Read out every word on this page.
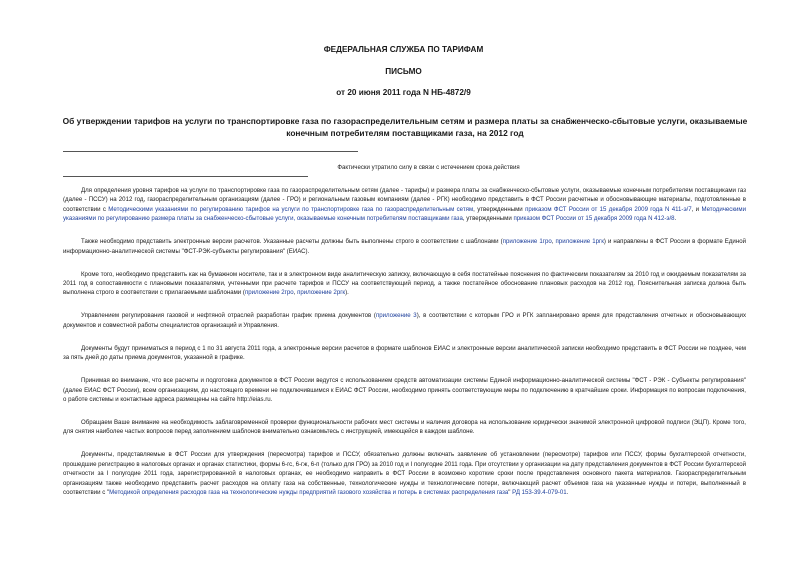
ФЕДЕРАЛЬНАЯ СЛУЖБА ПО ТАРИФАМ
ПИСЬМО
от 20 июня 2011 года N НБ-4872/9
Об утверждении тарифов на услуги по транспортировке газа по газораспределительным сетям и размера платы за снабженческо-сбытовые услуги, оказываемые конечным потребителям поставщиками газа, на 2012 год
Фактически утратило силу в связи с истечением срока действия

Для определения уровня тарифов на услуги по транспортировке газа по газораспределительным сетям (далее - тарифы) и размера платы за снабженческо-сбытовые услуги, оказываемые конечным потребителям поставщиками газ (далее - ПССУ) на 2012 год, газораспределительным организациям (далее - ГРО) и региональным газовым компаниям (далее - РГК) необходимо представить в ФСТ России расчетные и обосновывающие материалы, подготовленные в соответствии с Методическими указаниями по регулированию тарифов на услуги по транспортировке газа по газораспределительным сетям, утвержденными приказом ФСТ России от 15 декабря 2009 года N 411-э/7, и Методическими указаниями по регулированию размера платы за снабженческо-сбытовые услуги, оказываемые конечным потребителям поставщиками газа, утвержденными приказом ФСТ России от 15 декабря 2009 года N 412-э/8.

Также необходимо представить электронные версии расчетов. Указанные расчеты должны быть выполнены строго в соответствии с шаблонами (приложение 1гро, приложение 1ргк) и направлены в ФСТ России в формате Единой информационно-аналитической системы "ФСТ-РЭК-субъекты регулирования" (ЕИАС).

Кроме того, необходимо представить как на бумажном носителе, так и в электронном виде аналитическую записку, включающую в себя постатейные пояснения по фактическим показателям за 2010 год и ожидаемым показателям за 2011 год в сопоставимости с плановыми показателями, учтенными при расчете тарифов и ПССУ на соответствующий период, а также постатейное обоснование плановых расходов на 2012 год. Пояснительная записка должна быть выполнена строго в соответствии с прилагаемыми шаблонами (приложение 2гро, приложение 2ргк).

Управлением регулирования газовой и нефтяной отраслей разработан график приема документов (приложение 3), в соответствии с которым ГРО и РГК запланировано время для представления отчетных и обосновывающих документов и совместной работы специалистов организаций и Управления.

Документы будут приниматься в период с 1 по 31 августа 2011 года, а электронные версии расчетов в формате шаблонов ЕИАС и электронные версии аналитической записки необходимо представить в ФСТ России не позднее, чем за пять дней до даты приема документов, указанной в графике.

Принимая во внимание, что все расчеты и подготовка документов в ФСТ России ведутся с использованием средств автоматизации системы Единой информационно-аналитической системы "ФСТ - РЭК - Субъекты регулирования" (далее ЕИАС ФСТ России), всем организациям, до настоящего времени не подключившимся к ЕИАС ФСТ России, необходимо принять соответствующие меры по подключению в кратчайшие сроки. Информация по вопросам подключения, о работе системы и контактные адреса размещены на сайте http://eias.ru.

Обращаем Ваше внимание на необходимость заблаговременной проверки функциональности рабочих мест системы и наличия договора на использование юридически значимой электронной цифровой подписи (ЭЦП). Кроме того, для снятия наиболее частых вопросов перед заполнением шаблонов внимательно ознакомьтесь с инструкцией, имеющейся в каждом шаблоне.

Документы, представляемые в ФСТ России для утверждения (пересмотра) тарифов и ПССУ, обязательно должны включать заявление об установлении (пересмотре) тарифов или ПССУ, формы бухгалтерской отчетности, прошедшие регистрацию в налоговых органах и органах статистики, формы 6-гс, 6-гж, 6-п (только для ГРО) за 2010 год и I полугодие 2011 года. При отсутствии у организации на дату представления документов в ФСТ России бухгалтерской отчетности за I полугодие 2011 года, зарегистрированной в налоговых органах, ее необходимо направить в ФСТ России в возможно короткие сроки после представления основного пакета материалов. Газораспределительным организациям также необходимо представить расчет расходов на оплату газа на собственные, технологические нужды и технологические потери, включающий расчет объемов газа на указанные нужды и потери, выполненный в соответствии с "Методикой определения расходов газа на технологические нужды предприятий газового хозяйства и потерь в системах распределения газа" РД 153-39.4-079-01.
